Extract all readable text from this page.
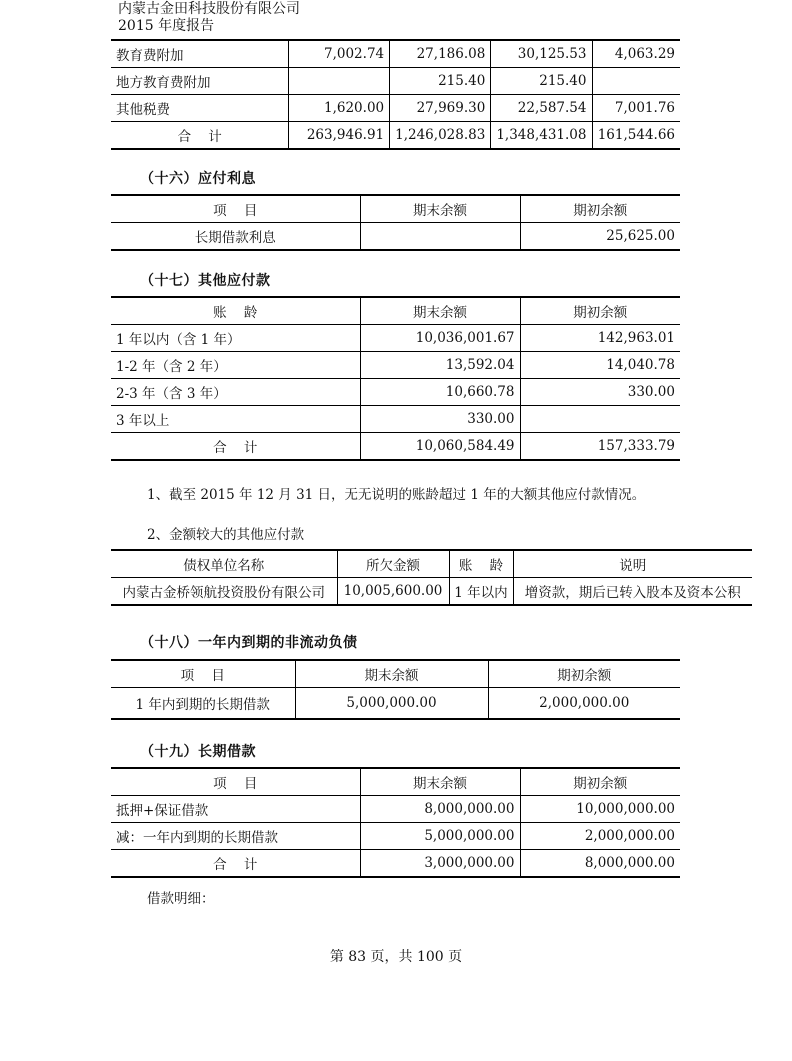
内蒙古金田科技股份有限公司
2015 年度报告
教育费附加	7,002.74	27,186.08	30,125.53	4,063.29
地方教育费附加		215.40	215.40	
其他税费	1,620.00	27,969.30	22,587.54	7,001.76
合    计	263,946.91	1,246,028.83	1,348,431.08	161,544.66
（十六）应付利息
项    目	期末余额	期初余额
长期借款利息		25,625.00
（十七）其他应付款
账    龄	期末余额	期初余额
1 年以内（含 1 年）	10,036,001.67	142,963.01
1-2 年（含 2 年）	13,592.04	14,040.78
2-3 年（含 3 年）	10,660.78	330.00
3 年以上	330.00	
合    计	10,060,584.49	157,333.79
1、截至 2015 年 12 月 31 日，无无说明的账龄超过 1 年的大额其他应付款情况。
2、金额较大的其他应付款
债权单位名称	所欠金额	账    龄	说明
内蒙古金桥领航投资股份有限公司	10,005,600.00	1 年以内	增资款，期后已转入股本及资本公积
（十八）一年内到期的非流动负债
项    目	期末余额	期初余额
1 年内到期的长期借款	5,000,000.00	2,000,000.00
（十九）长期借款
项    目	期末余额	期初余额
抵押+保证借款	8,000,000.00	10,000,000.00
减：一年内到期的长期借款	5,000,000.00	2,000,000.00
合    计	3,000,000.00	8,000,000.00
借款明细：
第 83 页，共 100 页
